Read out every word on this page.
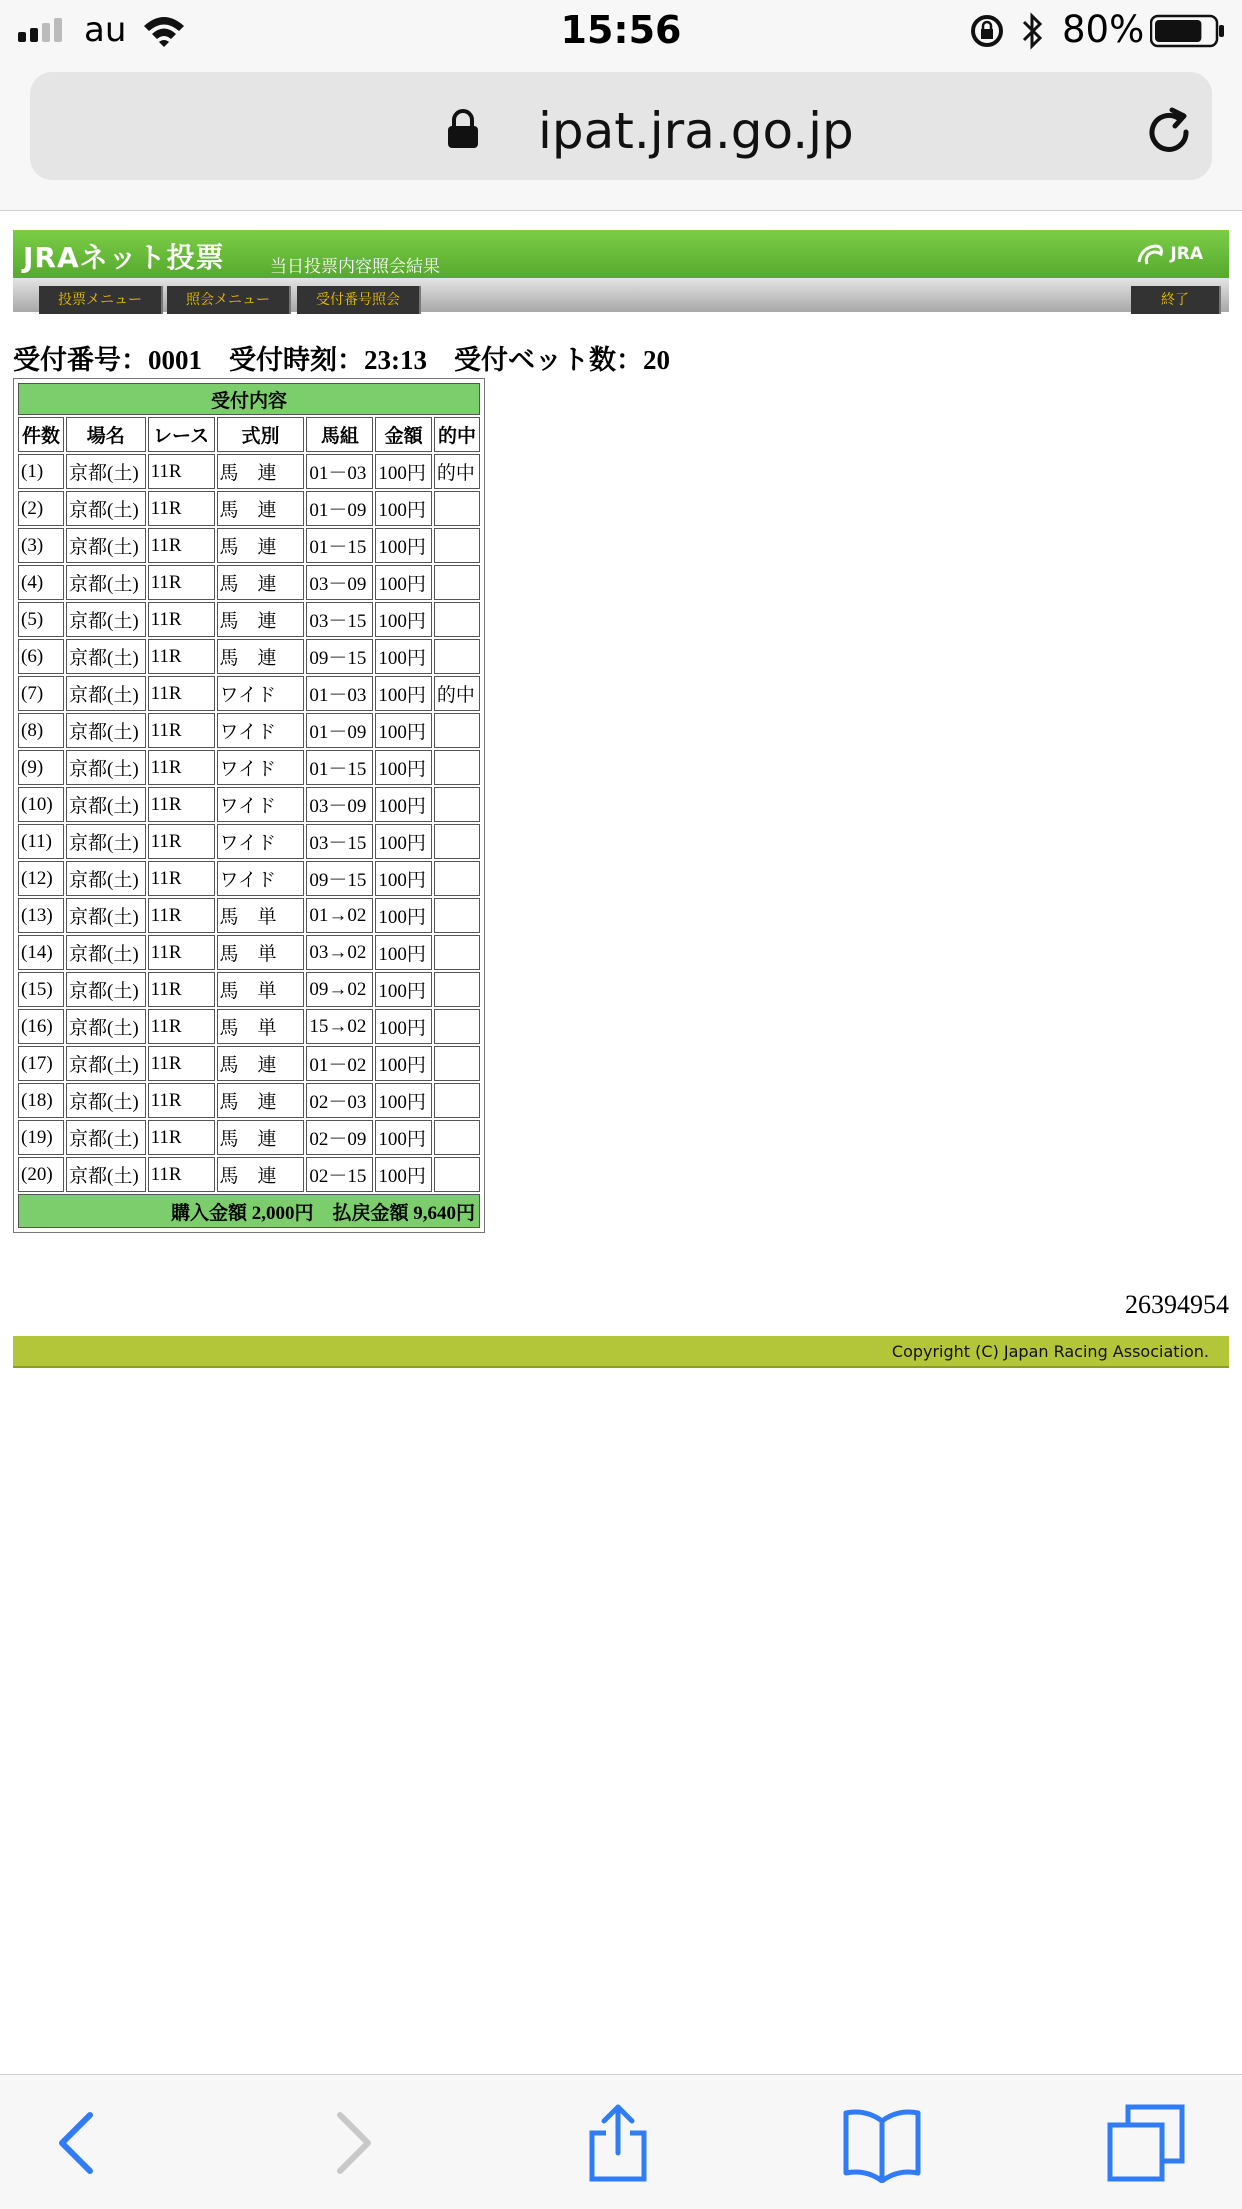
au	15:56	80%
ipat.jra.go.jp
JRAネット投票	当日投票内容照会結果
JRA
投票メニュー	照会メニュー	受付番号照会	終了
受付番号：0001　受付時刻：23:13　受付ベット数：20
受付内容						
件数	場名	レース	式別	馬組	金額	的中
(1)	京都(土)	11R	馬　連	01－03	100円	的中
(2)	京都(土)	11R	馬　連	01－09	100円	
(3)	京都(土)	11R	馬　連	01－15	100円	
(4)	京都(土)	11R	馬　連	03－09	100円	
(5)	京都(土)	11R	馬　連	03－15	100円	
(6)	京都(土)	11R	馬　連	09－15	100円	
(7)	京都(土)	11R	ワイド	01－03	100円	的中
(8)	京都(土)	11R	ワイド	01－09	100円	
(9)	京都(土)	11R	ワイド	01－15	100円	
(10)	京都(土)	11R	ワイド	03－09	100円	
(11)	京都(土)	11R	ワイド	03－15	100円	
(12)	京都(土)	11R	ワイド	09－15	100円	
(13)	京都(土)	11R	馬　単	01→02	100円	
(14)	京都(土)	11R	馬　単	03→02	100円	
(15)	京都(土)	11R	馬　単	09→02	100円	
(16)	京都(土)	11R	馬　単	15→02	100円	
(17)	京都(土)	11R	馬　連	01－02	100円	
(18)	京都(土)	11R	馬　連	02－03	100円	
(19)	京都(土)	11R	馬　連	02－09	100円	
(20)	京都(土)	11R	馬　連	02－15	100円	
購入金額 2,000円　払戻金額 9,640円						
26394954
Copyright (C) Japan Racing Association.
